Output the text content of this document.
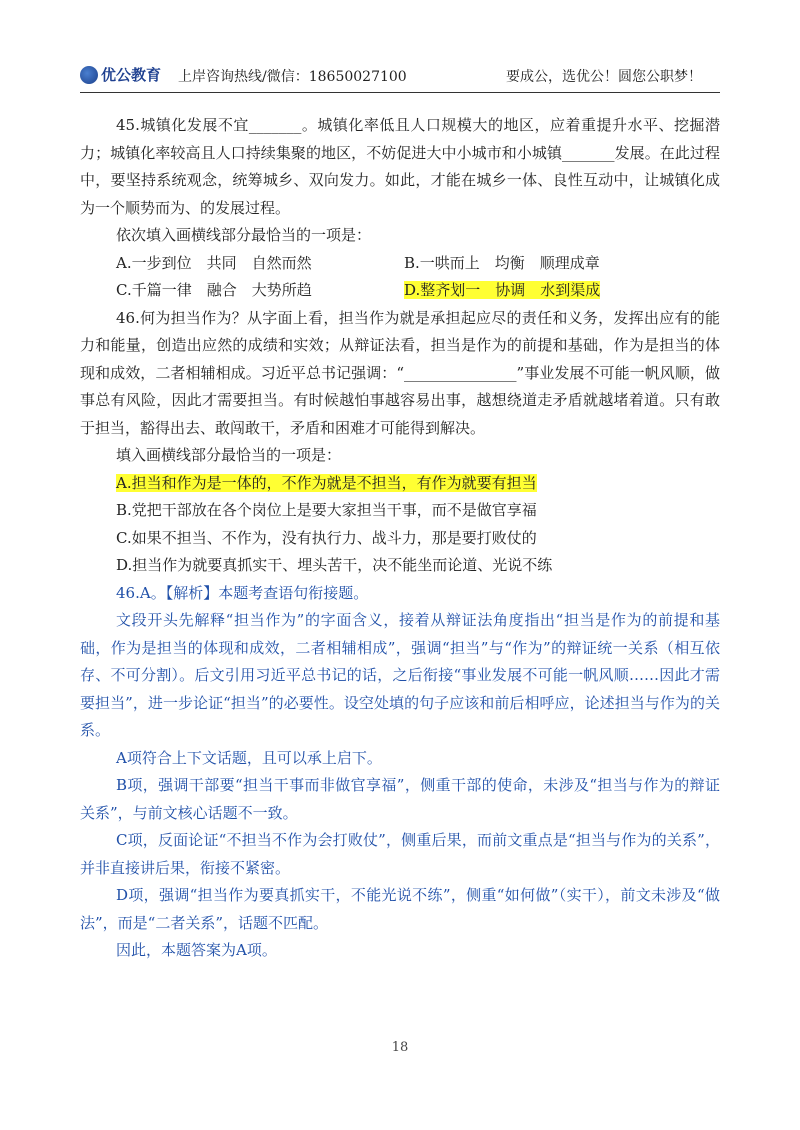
优公教育 上岸咨询热线/微信：18650027100	要成公，选优公！圆您公职梦！

45.城镇化发展不宜_______。城镇化率低且人口规模大的地区，应着重提升水平、挖掘潜力；城镇化率较高且人口持续集聚的地区，不妨促进大中小城市和小城镇_______发展。在此过程中，要坚持系统观念，统筹城乡、双向发力。如此，才能在城乡一体、良性互动中，让城镇化成为一个顺势而为、的发展过程。

依次填入画横线部分最恰当的一项是：

A.一步到位　共同　自然而然	B.一哄而上　均衡　顺理成章
C.千篇一律　融合　大势所趋	D.整齐划一　协调　水到渠成

46.何为担当作为？从字面上看，担当作为就是承担起应尽的责任和义务，发挥出应有的能力和能量，创造出应然的成绩和实效；从辩证法看，担当是作为的前提和基础，作为是担当的体现和成效，二者相辅相成。习近平总书记强调：“_______________”事业发展不可能一帆风顺，做事总有风险，因此才需要担当。有时候越怕事越容易出事，越想绕道走矛盾就越堵着道。只有敢于担当，豁得出去、敢闯敢干，矛盾和困难才可能得到解决。

填入画横线部分最恰当的一项是：

A.担当和作为是一体的，不作为就是不担当，有作为就要有担当

B.党把干部放在各个岗位上是要大家担当干事，而不是做官享福

C.如果不担当、不作为，没有执行力、战斗力，那是要打败仗的

D.担当作为就要真抓实干、埋头苦干，决不能坐而论道、光说不练

46.A。【解析】本题考查语句衔接题。

文段开头先解释“担当作为”的字面含义，接着从辩证法角度指出“担当是作为的前提和基础，作为是担当的体现和成效，二者相辅相成”，强调“担当”与“作为”的辩证统一关系（相互依存、不可分割）。后文引用习近平总书记的话，之后衔接“事业发展不可能一帆风顺……因此才需要担当”，进一步论证“担当”的必要性。设空处填的句子应该和前后相呼应，论述担当与作为的关系。

A项符合上下文话题，且可以承上启下。

B项，强调干部要“担当干事而非做官享福”，侧重干部的使命，未涉及“担当与作为的辩证关系”，与前文核心话题不一致。

C项，反面论证“不担当不作为会打败仗”，侧重后果，而前文重点是“担当与作为的关系”，并非直接讲后果，衔接不紧密。

D项，强调“担当作为要真抓实干，不能光说不练”，侧重“如何做”（实干），前文未涉及“做法”，而是“二者关系”，话题不匹配。

因此，本题答案为A项。

18
